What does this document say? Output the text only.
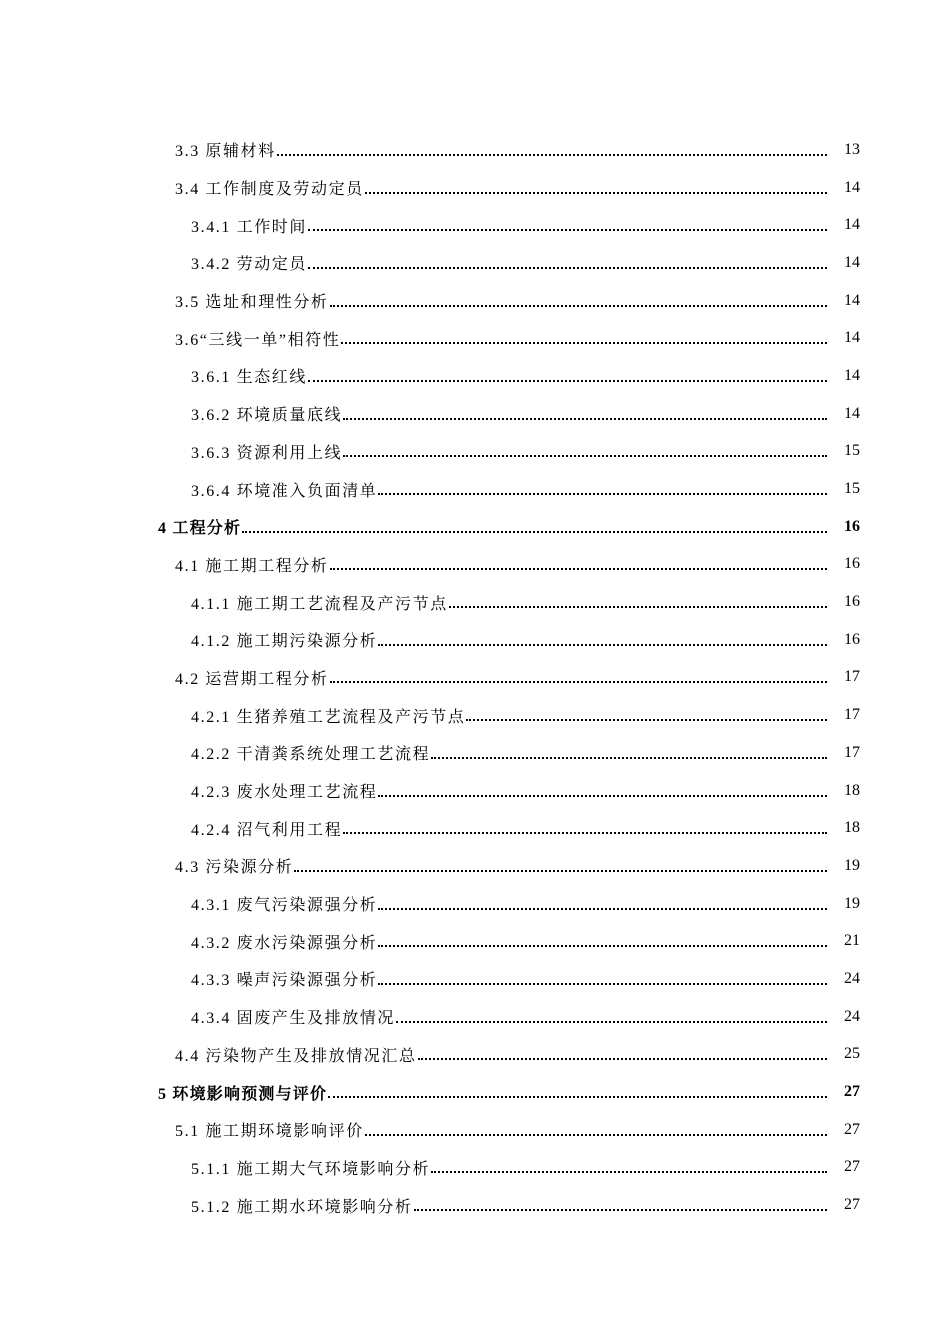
3.3 原辅材料	13
3.4 工作制度及劳动定员	14
3.4.1 工作时间	14
3.4.2 劳动定员	14
3.5 选址和理性分析	14
3.6“三线一单”相符性	14
3.6.1 生态红线	14
3.6.2 环境质量底线	14
3.6.3 资源利用上线	15
3.6.4 环境准入负面清单	15
4 工程分析	16
4.1 施工期工程分析	16
4.1.1 施工期工艺流程及产污节点	16
4.1.2 施工期污染源分析	16
4.2 运营期工程分析	17
4.2.1 生猪养殖工艺流程及产污节点	17
4.2.2 干清粪系统处理工艺流程	17
4.2.3 废水处理工艺流程	18
4.2.4 沼气利用工程	18
4.3 污染源分析	19
4.3.1 废气污染源强分析	19
4.3.2 废水污染源强分析	21
4.3.3 噪声污染源强分析	24
4.3.4 固废产生及排放情况	24
4.4 污染物产生及排放情况汇总	25
5 环境影响预测与评价	27
5.1 施工期环境影响评价	27
5.1.1 施工期大气环境影响分析	27
5.1.2 施工期水环境影响分析	27
